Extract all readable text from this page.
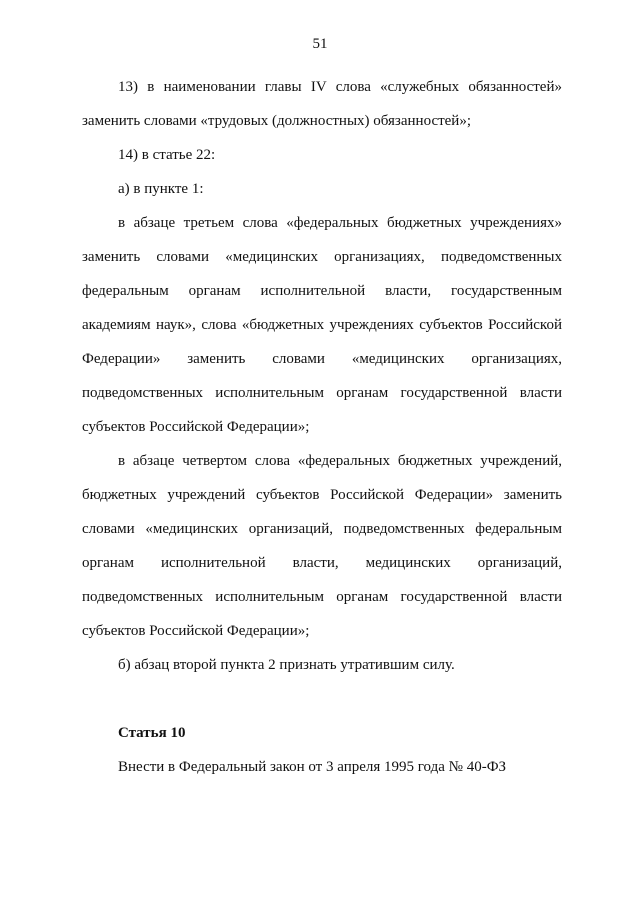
51

13) в наименовании главы IV слова «служебных обязанностей» заменить словами «трудовых (должностных) обязанностей»;

14) в статье 22:

а) в пункте 1:

в абзаце третьем слова «федеральных бюджетных учреждениях» заменить словами «медицинских организациях, подведомственных федеральным органам исполнительной власти, государственным академиям наук», слова «бюджетных учреждениях субъектов Российской Федерации» заменить словами «медицинских организациях, подведомственных исполнительным органам государственной власти субъектов Российской Федерации»;

в абзаце четвертом слова «федеральных бюджетных учреждений, бюджетных учреждений субъектов Российской Федерации» заменить словами «медицинских организаций, подведомственных федеральным органам исполнительной власти, медицинских организаций, подведомственных исполнительным органам государственной власти субъектов Российской Федерации»;

б) абзац второй пункта 2 признать утратившим силу.

Статья 10

Внести в Федеральный закон от 3 апреля 1995 года № 40-ФЗ
